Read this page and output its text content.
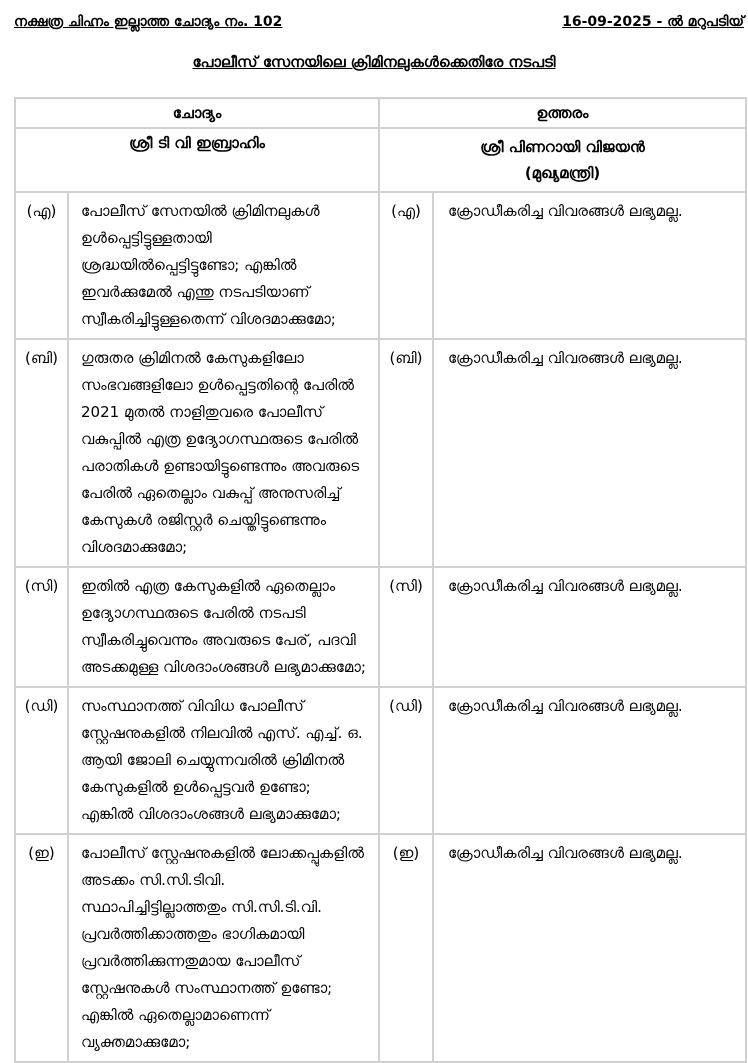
നക്ഷത്ര ചിഹ്നം ഇല്ലാത്ത ചോദ്യം നം. 102	16-09-2025 - ൽ മറുപടിയ്
പോലീസ് സേനയിലെ ക്രിമിനലുകൾക്കെതിരേ നടപടി
ചോദ്യം		ഉത്തരം	
ശ്രീ ടി വി ഇബ്രാഹിം		ശ്രീ പിണറായി വിജയൻ
(മുഖ്യമന്ത്രി)	

(എ)	പോലീസ് സേനയിൽ ക്രിമിനലുകൾ ഉൾപ്പെട്ടിട്ടുള്ളതായി ശ്രദ്ധയിൽപ്പെട്ടിട്ടുണ്ടോ; എങ്കിൽ ഇവർക്കുമേൽ എന്തു നടപടിയാണ് സ്വീകരിച്ചിട്ടുള്ളതെന്ന് വിശദമാക്കുമോ;	(എ)	ക്രോഡീകരിച്ച വിവരങ്ങൾ ലഭ്യമല്ല.
(ബി)	ഗുരുതര ക്രിമിനൽ കേസുകളിലോ സംഭവങ്ങളിലോ ഉൾപ്പെട്ടതിന്റെ പേരിൽ 2021 മുതൽ നാളിതുവരെ പോലീസ് വകുപ്പിൽ എത്ര ഉദ്യോഗസ്ഥരുടെ പേരിൽ പരാതികൾ ഉണ്ടായിട്ടുണ്ടെന്നും അവരുടെ പേരിൽ ഏതെല്ലാം വകുപ്പ് അനുസരിച്ച് കേസുകൾ രജിസ്റ്റർ ചെയ്തിട്ടുണ്ടെന്നും വിശദമാക്കുമോ;	(ബി)	ക്രോഡീകരിച്ച വിവരങ്ങൾ ലഭ്യമല്ല.
(സി)	ഇതിൽ എത്ര കേസുകളിൽ ഏതെല്ലാം ഉദ്യോഗസ്ഥരുടെ പേരിൽ നടപടി സ്വീകരിച്ചുവെന്നും അവരുടെ പേര്, പദവി അടക്കമുള്ള വിശദാംശങ്ങൾ ലഭ്യമാക്കുമോ;	(സി)	ക്രോഡീകരിച്ച വിവരങ്ങൾ ലഭ്യമല്ല.
(ഡി)	സംസ്ഥാനത്ത് വിവിധ പോലീസ് സ്റ്റേഷനുകളിൽ നിലവിൽ എസ്. എച്ച്. ഒ. ആയി ജോലി ചെയ്യുന്നവരിൽ ക്രിമിനൽ കേസുകളിൽ ഉൾപ്പെട്ടവർ ഉണ്ടോ; എങ്കിൽ വിശദാംശങ്ങൾ ലഭ്യമാക്കുമോ;	(ഡി)	ക്രോഡീകരിച്ച വിവരങ്ങൾ ലഭ്യമല്ല.
(ഇ)	പോലീസ് സ്റ്റേഷനുകളിൽ ലോക്കപ്പുകളിൽ അടക്കം സി.സി.ടിവി. സ്ഥാപിച്ചിട്ടില്ലാത്തതും സി.സി.ടി.വി. പ്രവർത്തിക്കാത്തതും ഭാഗികമായി പ്രവർത്തിക്കുന്നതുമായ പോലീസ് സ്റ്റേഷനുകൾ സംസ്ഥാനത്ത് ഉണ്ടോ; എങ്കിൽ ഏതെല്ലാമാണെന്ന് വ്യക്തമാക്കുമോ;	(ഇ)	ക്രോഡീകരിച്ച വിവരങ്ങൾ ലഭ്യമല്ല.
